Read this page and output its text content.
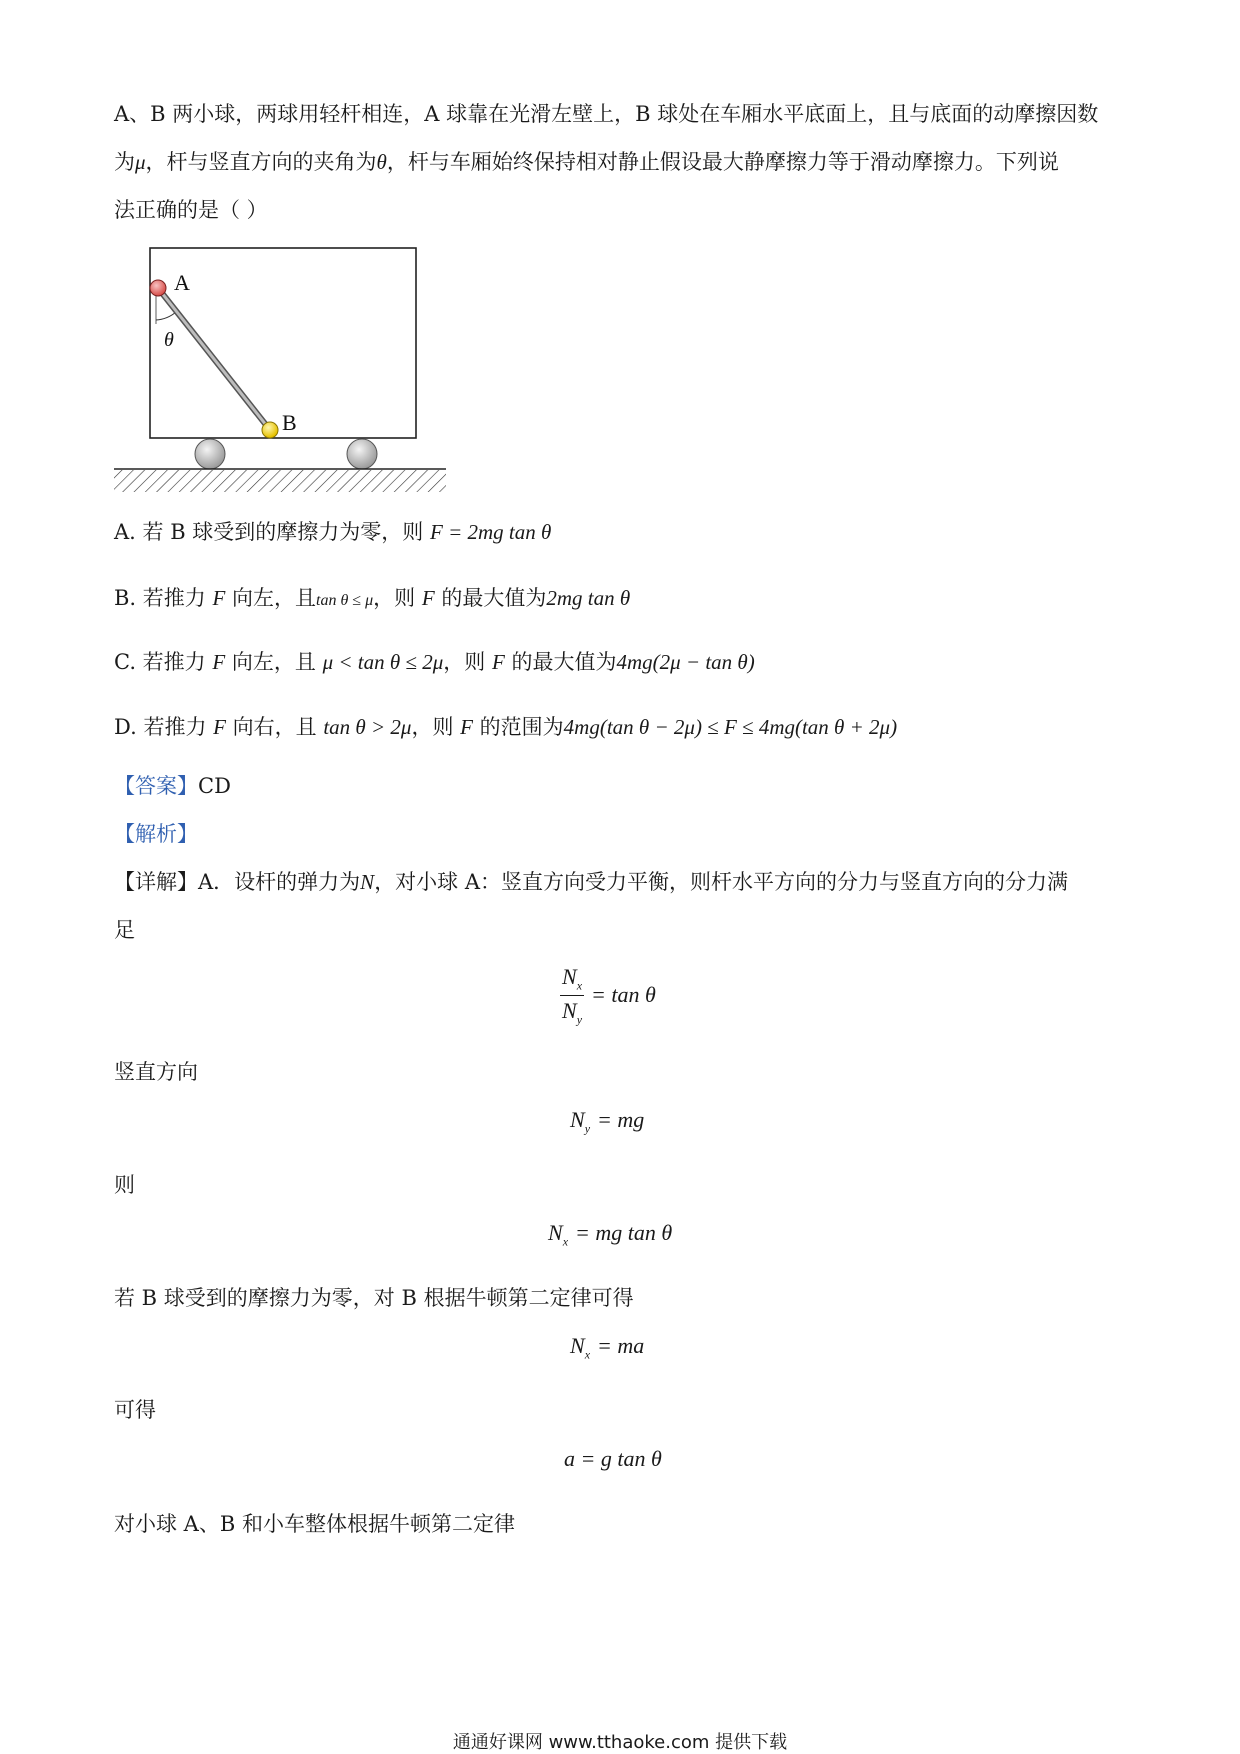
A、B 两小球，两球用轻杆相连，A 球靠在光滑左壁上，B 球处在车厢水平底面上，且与底面的动摩擦因数
为μ，杆与竖直方向的夹角为θ，杆与车厢始终保持相对静止假设最大静摩擦力等于滑动摩擦力。下列说
法正确的是（ ）
A
B
θ
A. 若 B 球受到的摩擦力为零，则 F = 2mg tan θ
B. 若推力 F 向左，且tan θ ≤ μ，则 F 的最大值为2mg tan θ
C. 若推力 F 向左，且 μ < tan θ ≤ 2μ，则 F 的最大值为4mg(2μ − tan θ)
D. 若推力 F 向右，且 tan θ > 2μ，则 F 的范围为4mg(tan θ − 2μ) ≤ F ≤ 4mg(tan θ + 2μ)
【答案】CD
【解析】
【详解】A．设杆的弹力为N，对小球 A：竖直方向受力平衡，则杆水平方向的分力与竖直方向的分力满
足
$\frac{N_x}{N_y} = \tan \theta$
竖直方向
$N_y$ = mg
则
$N_x$ = mg tan θ
若 B 球受到的摩擦力为零，对 B 根据牛顿第二定律可得
$N_x$ = ma
可得
a = g tan θ
对小球 A、B 和小车整体根据牛顿第二定律
通通好课网 www.tthaoke.com 提供下载
